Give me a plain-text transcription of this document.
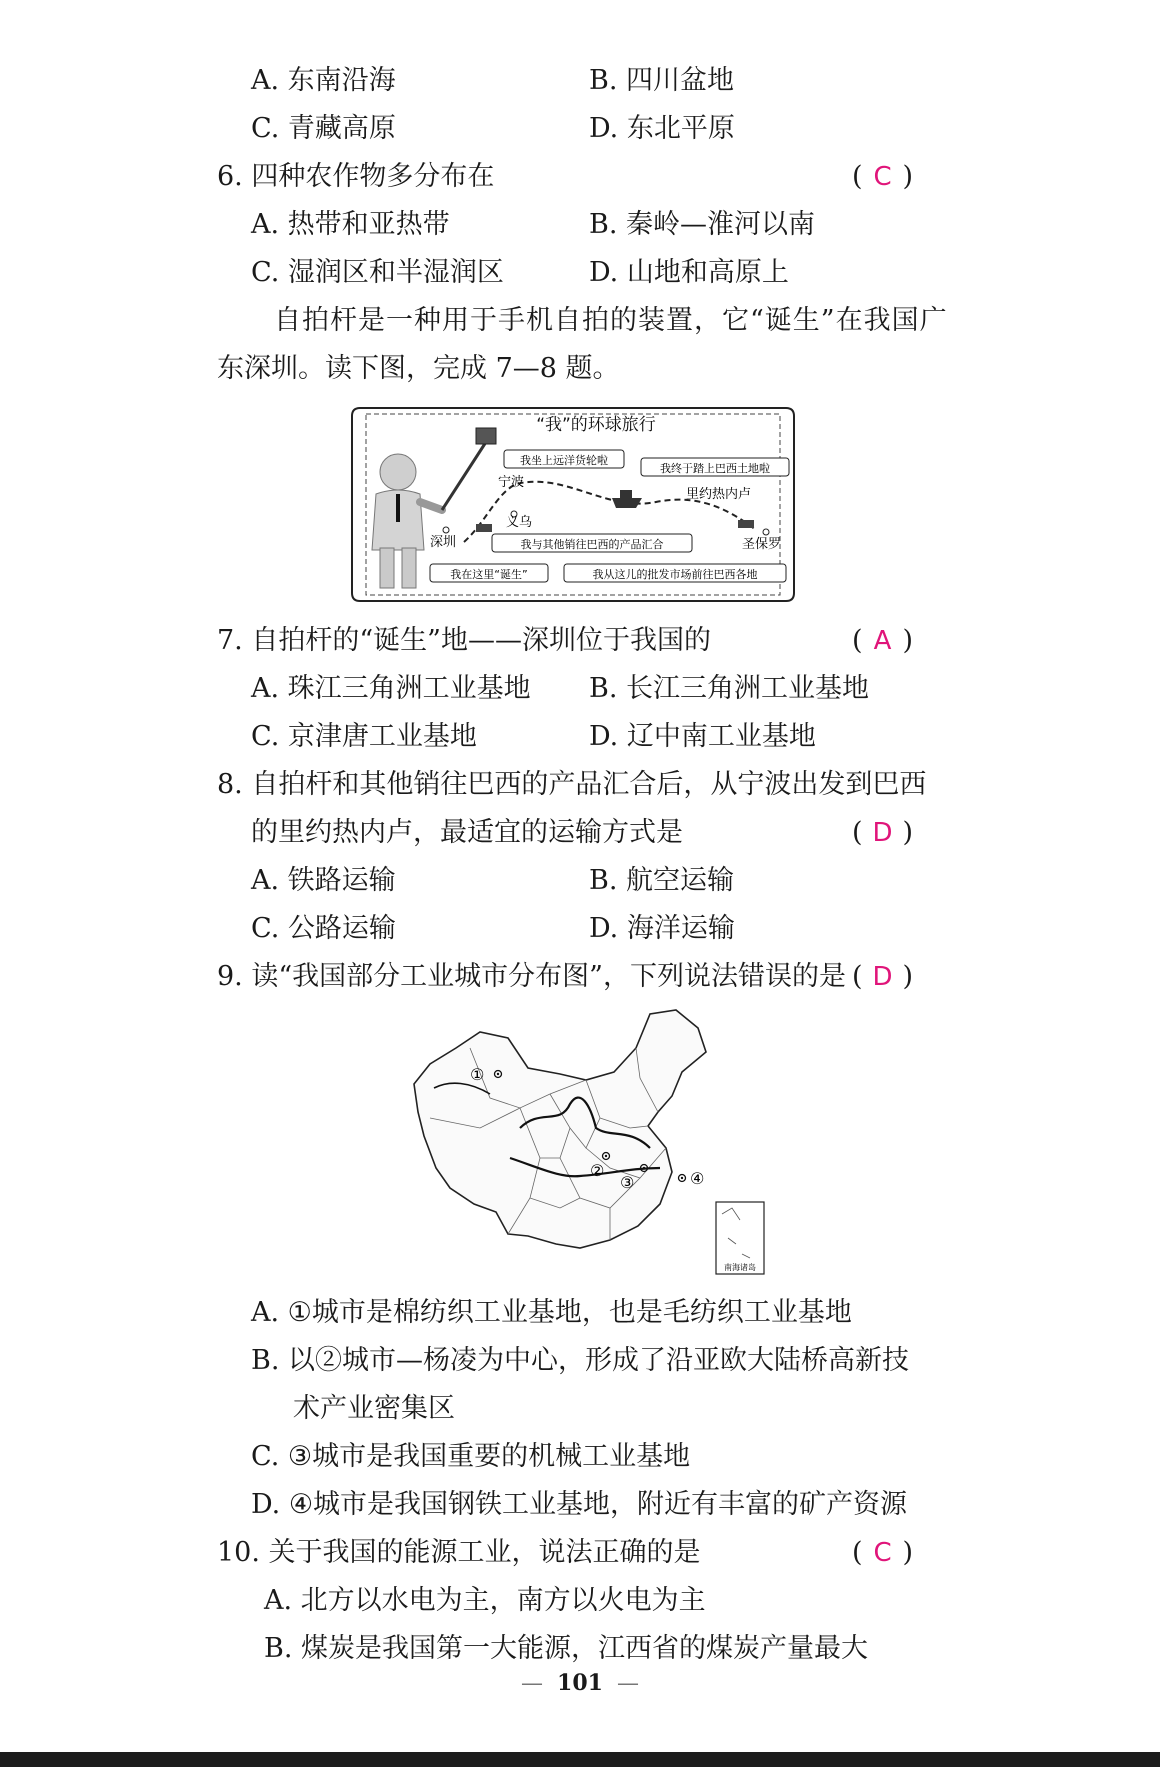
A. 东南沿海	B. 四川盆地
C. 青藏高原	D. 东北平原
6. 四种农作物多分布在	( C )
A. 热带和亚热带	B. 秦岭—淮河以南
C. 湿润区和半湿润区	D. 山地和高原上
自拍杆是一种用于手机自拍的装置，它“诞生”在我国广
东深圳。读下图，完成 7—8 题。
“我”的环球旅行
我坐上远洋货轮啦
我终于踏上巴西土地啦
我与其他销往巴西的产品汇合
我在这里“诞生”	我从这儿的批发市场前往巴西各地
宁波
义乌
深圳
里约热内卢
圣保罗
7. 自拍杆的“诞生”地——深圳位于我国的	( A )
A. 珠江三角洲工业基地 B. 长江三角洲工业基地
C. 京津唐工业基地	D. 辽中南工业基地
8. 自拍杆和其他销往巴西的产品汇合后，从宁波出发到巴西
的里约热内卢，最适宜的运输方式是	( D )
A. 铁路运输	B. 航空运输
C. 公路运输	D. 海洋运输
9. 读“我国部分工业城市分布图”，下列说法错误的是 ( D )
①
②
③	④
南海诸岛
A. ①城市是棉纺织工业基地，也是毛纺织工业基地
B. 以②城市—杨凌为中心，形成了沿亚欧大陆桥高新技
术产业密集区
C. ③城市是我国重要的机械工业基地
D. ④城市是我国钢铁工业基地，附近有丰富的矿产资源
10. 关于我国的能源工业，说法正确的是	( C )
A. 北方以水电为主，南方以火电为主
B. 煤炭是我国第一大能源，江西省的煤炭产量最大
— 101 —
